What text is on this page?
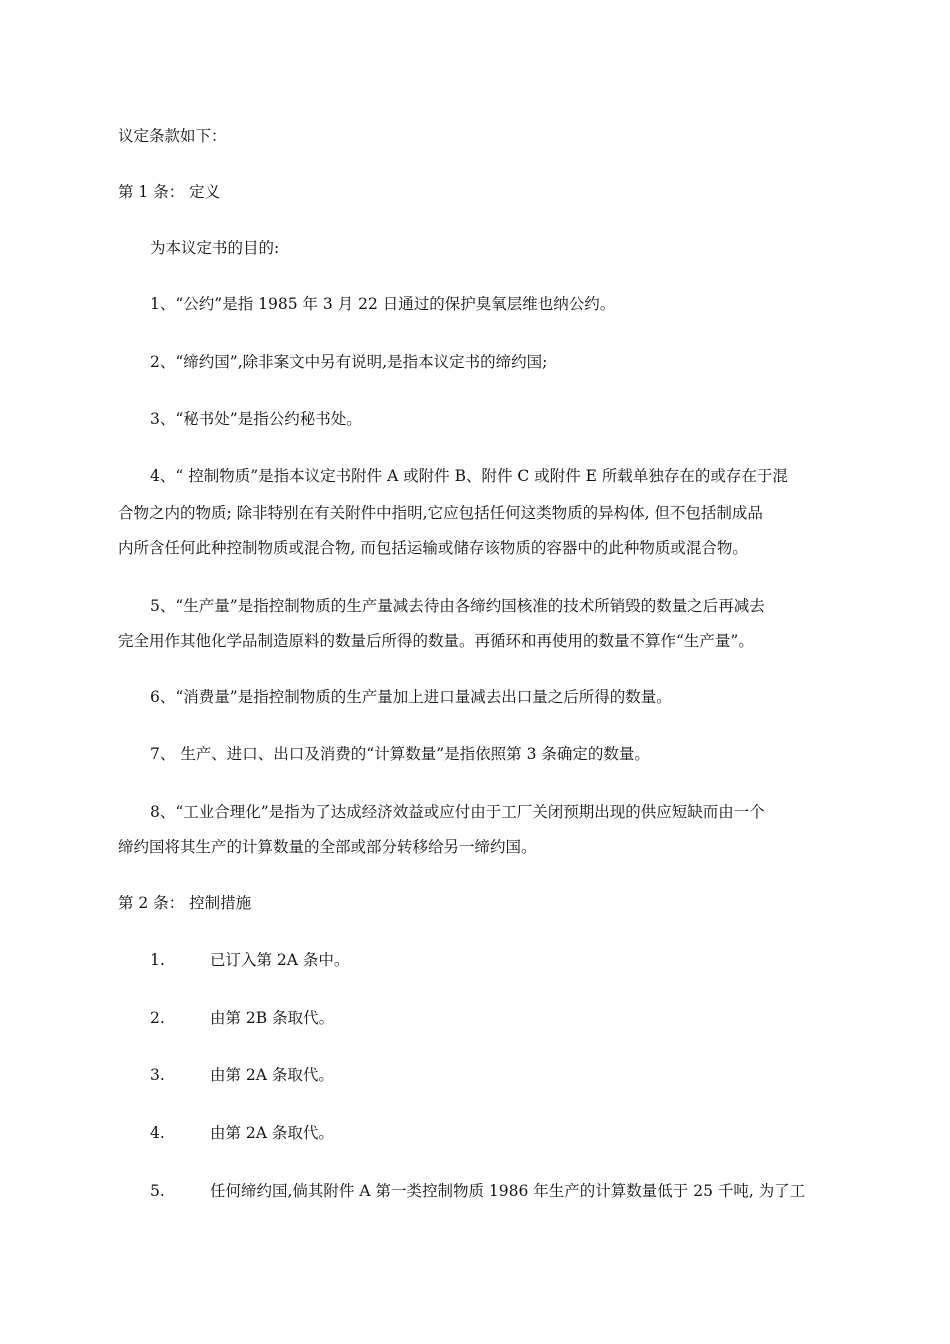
议定条款如下：
第 1 条： 定义
为本议定书的目的:
1、“公约”是指 1985 年 3 月 22 日通过的保护臭氧层维也纳公约。
2、“缔约国”,除非案文中另有说明,是指本议定书的缔约国;
3、“秘书处”是指公约秘书处。
4、“ 控制物质”是指本议定书附件 A 或附件 B、附件 C 或附件 E 所载单独存在的或存在于混
合物之内的物质; 除非特别在有关附件中指明,它应包括任何这类物质的异构体, 但不包括制成品
内所含任何此种控制物质或混合物, 而包括运输或储存该物质的容器中的此种物质或混合物。
5、“生产量”是指控制物质的生产量减去待由各缔约国核准的技术所销毁的数量之后再减去
完全用作其他化学品制造原料的数量后所得的数量。再循环和再使用的数量不算作“生产量”。
6、“消费量”是指控制物质的生产量加上进口量减去出口量之后所得的数量。
7、 生产、进口、出口及消费的“计算数量”是指依照第 3 条确定的数量。
8、“工业合理化”是指为了达成经济效益或应付由于工厂关闭预期出现的供应短缺而由一个
缔约国将其生产的计算数量的全部或部分转移给另一缔约国。
第 2 条： 控制措施
1.	已订入第 2A 条中。
2.	由第 2B 条取代。
3.	由第 2A 条取代。
4.	由第 2A 条取代。
5.	任何缔约国,倘其附件 A 第一类控制物质 1986 年生产的计算数量低于 25 千吨, 为了工
